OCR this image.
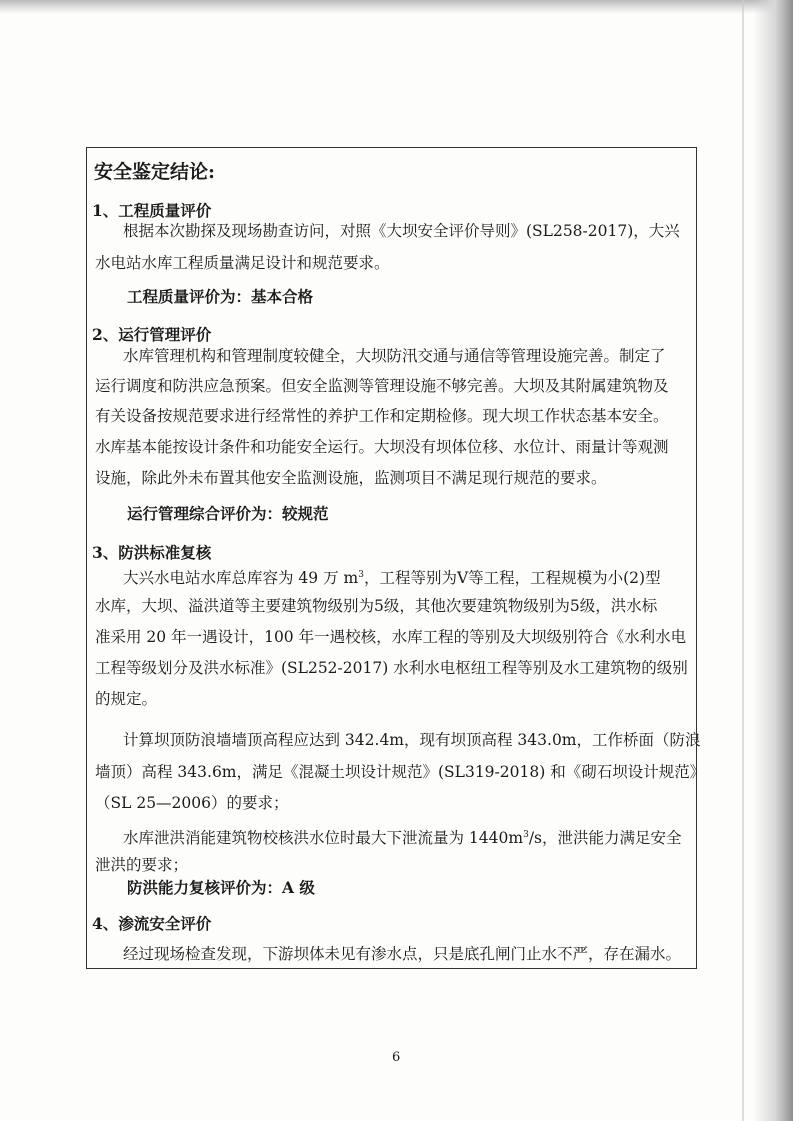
安全鉴定结论:
1、工程质量评价
根据本次勘探及现场勘查访问，对照《大坝安全评价导则》(SL258-2017)，大兴
水电站水库工程质量满足设计和规范要求。
工程质量评价为：基本合格
2、运行管理评价
水库管理机构和管理制度较健全，大坝防汛交通与通信等管理设施完善。制定了
运行调度和防洪应急预案。但安全监测等管理设施不够完善。大坝及其附属建筑物及
有关设备按规范要求进行经常性的养护工作和定期检修。现大坝工作状态基本安全。
水库基本能按设计条件和功能安全运行。大坝没有坝体位移、水位计、雨量计等观测
设施，除此外未布置其他安全监测设施，监测项目不满足现行规范的要求。
运行管理综合评价为：较规范
3、防洪标准复核
大兴水电站水库总库容为 49 万 $m^3$，工程等别为V等工程，工程规模为小(2)型
水库，大坝、溢洪道等主要建筑物级别为5级，其他次要建筑物级别为5级，洪水标
准采用 20 年一遇设计，100 年一遇校核，水库工程的等别及大坝级别符合《水利水电
工程等级划分及洪水标准》(SL252-2017) 水利水电枢纽工程等别及水工建筑物的级别
的规定。
计算坝顶防浪墙墙顶高程应达到 342.4m，现有坝顶高程 343.0m，工作桥面（防浪
墙顶）高程 343.6m，满足《混凝土坝设计规范》(SL319-2018) 和《砌石坝设计规范》
（SL 25—2006）的要求；
水库泄洪消能建筑物校核洪水位时最大下泄流量为 $1440m^3/s$，泄洪能力满足安全
泄洪的要求；
防洪能力复核评价为：A 级
4、渗流安全评价
经过现场检查发现，下游坝体未见有渗水点，只是底孔闸门止水不严，存在漏水。
6
